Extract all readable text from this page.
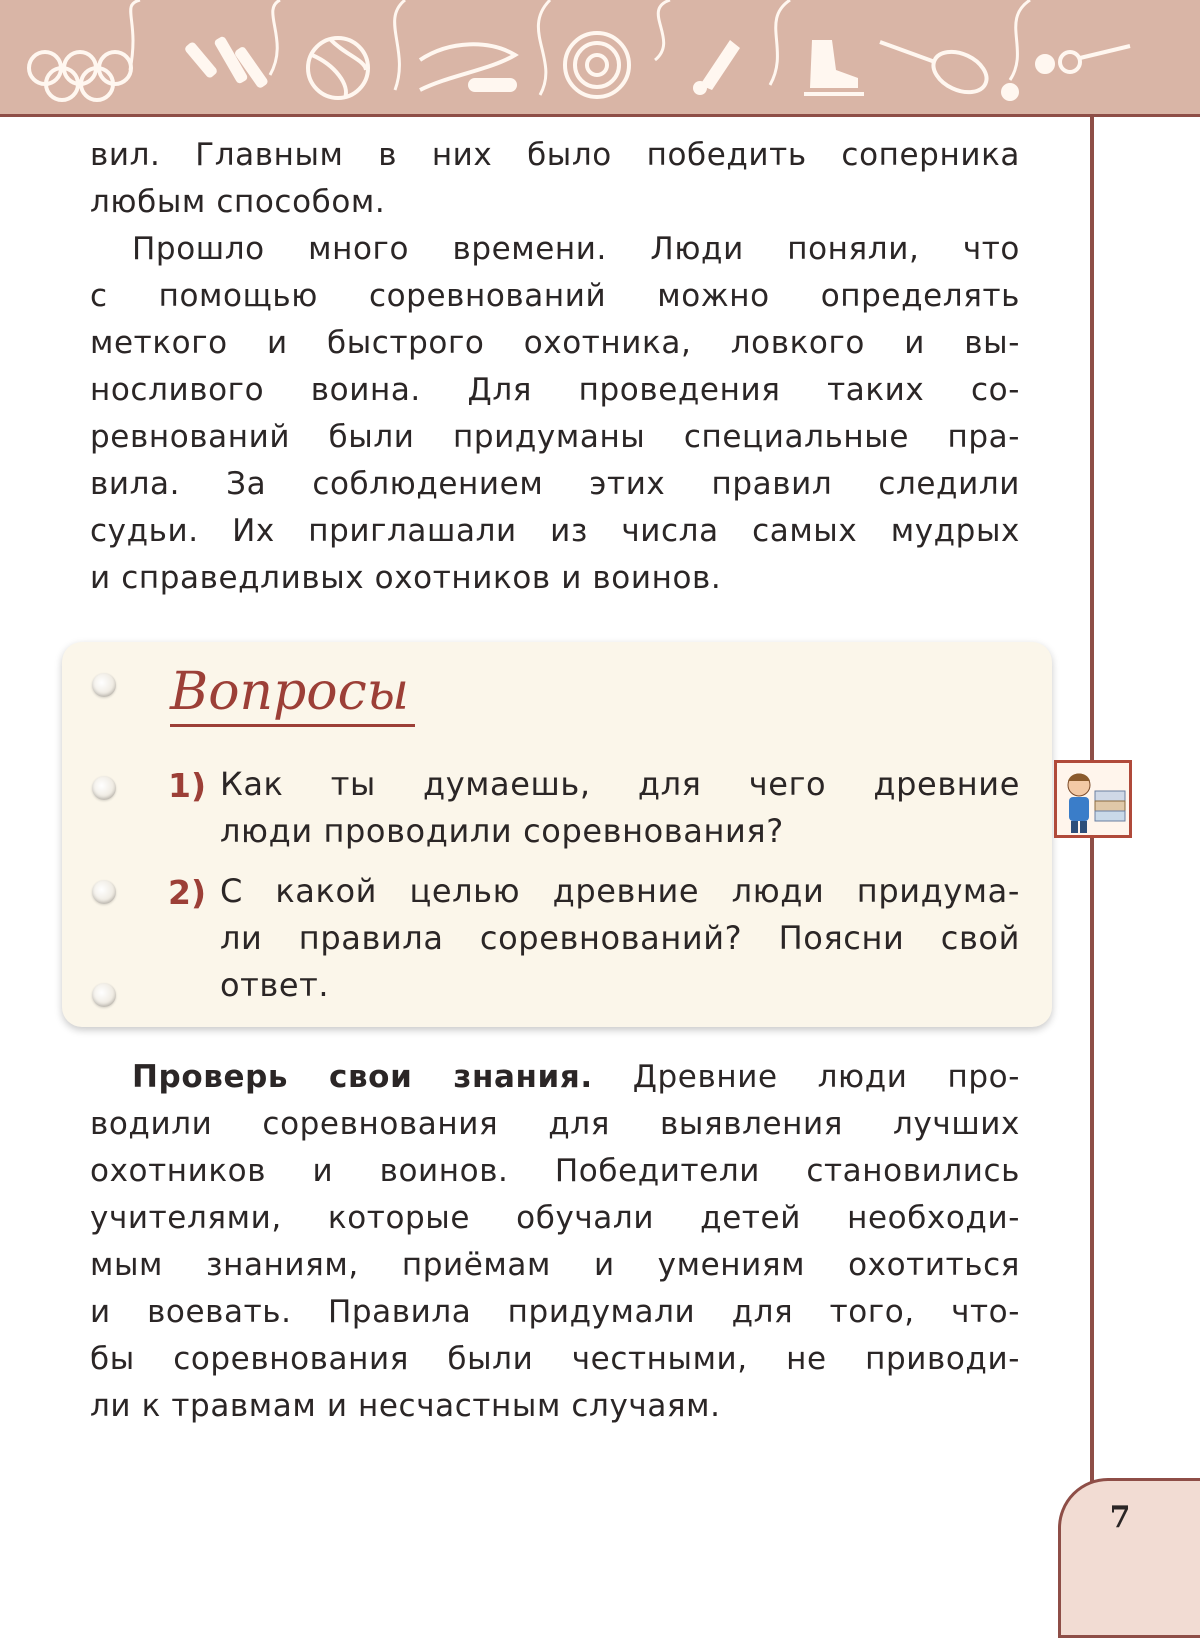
вил. Главным в них было победить соперника
любым способом.
Прошло много времени. Люди поняли, что
с помощью соревнований можно определять
меткого и быстрого охотника, ловкого и вы-
носливого воина. Для проведения таких со-
ревнований были придуманы специальные пра-
вила. За соблюдением этих правил следили
судьи. Их приглашали из числа самых мудрых
и справедливых охотников и воинов.
Вопросы
1) Как ты думаешь, для чего древние
люди проводили соревнования?
2) С какой целью древние люди придума-
ли правила соревнований? Поясни свой
ответ.
Проверь свои знания. Древние люди про-
водили соревнования для выявления лучших
охотников и воинов. Победители становились
учителями, которые обучали детей необходи-
мым знаниям, приёмам и умениям охотиться
и воевать. Правила придумали для того, что-
бы соревнования были честными, не приводи-
ли к травмам и несчастным случаям.
7
